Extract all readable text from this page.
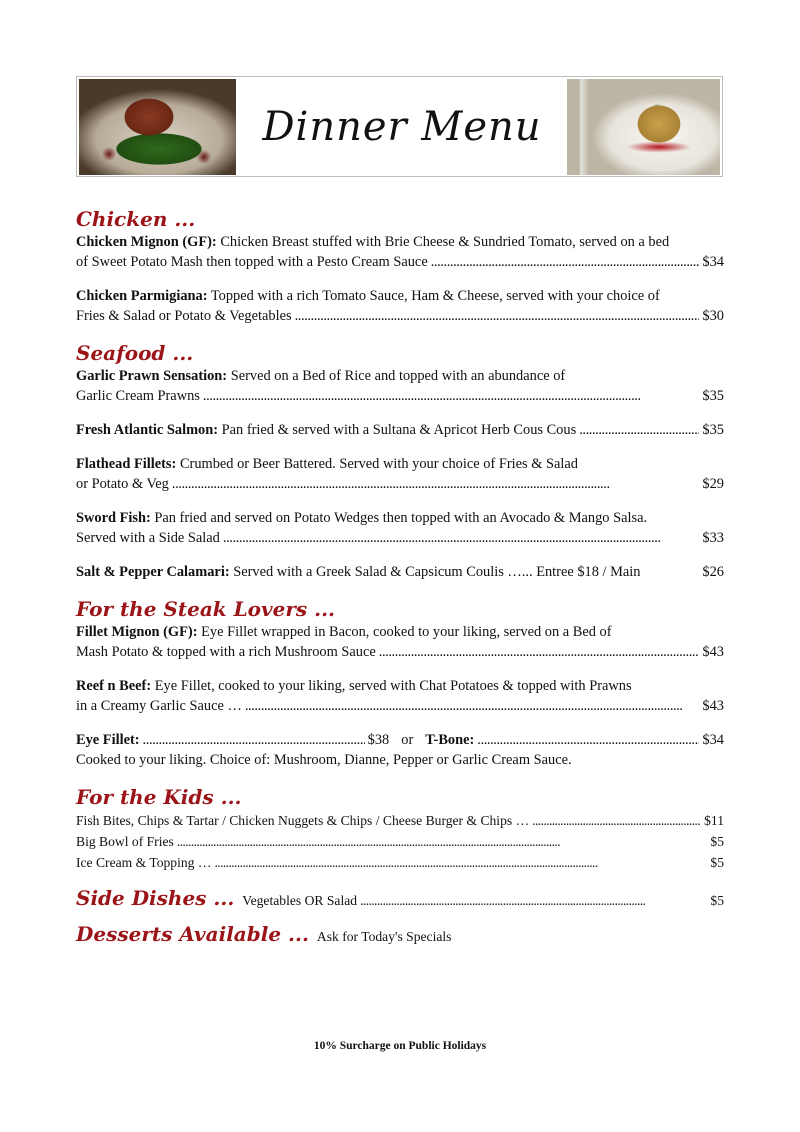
Dinner Menu
Chicken ...
Chicken Mignon (GF): Chicken Breast stuffed with Brie Cheese & Sundried Tomato, served on a bed
of Sweet Potato Mash then topped with a Pesto Cream Sauce . . .	$34
Chicken Parmigiana: Topped with a rich Tomato Sauce, Ham & Cheese, served with your choice of
Fries & Salad or Potato & Vegetables . . .	$30
Seafood ...
Garlic Prawn Sensation: Served on a Bed of Rice and topped with an abundance of
Garlic Cream Prawns . . .	$35
Fresh Atlantic Salmon:
Pan fried & served with a Sultana & Apricot Herb Cous Cous . . .	$35
Flathead Fillets: Crumbed or Beer Battered. Served with your choice of Fries & Salad
or Potato & Veg . . .	$29
Sword Fish: Pan fried and served on Potato Wedges then topped with an Avocado & Mango Salsa.
Served with a Side Salad . . .	$33
Salt & Pepper Calamari:
Served with a Greek Salad & Capsicum Coulis …... Entree $18 / Main	$26
For the Steak Lovers ...
Fillet Mignon (GF): Eye Fillet wrapped in Bacon, cooked to your liking, served on a Bed of
Mash Potato & topped with a rich Mushroom Sauce . . .	$43
Reef n Beef: Eye Fillet, cooked to your liking, served with Chat Potatoes & topped with Prawns
in a Creamy Garlic Sauce … . . .	$43
Eye Fillet: . . .	$38 or T-Bone: . . .	$34
Cooked to your liking. Choice of: Mushroom, Dianne, Pepper or Garlic Cream Sauce.
For the Kids ...
Fish Bites, Chips & Tartar / Chicken Nuggets & Chips / Cheese Burger & Chips … . . .	$11
Big Bowl of Fries . . .	$5
Ice Cream & Topping … . . .	$5
Side Dishes ... Vegetables OR Salad . . .	$5
Desserts Available ... Ask for Today's Specials
10% Surcharge on Public Holidays
